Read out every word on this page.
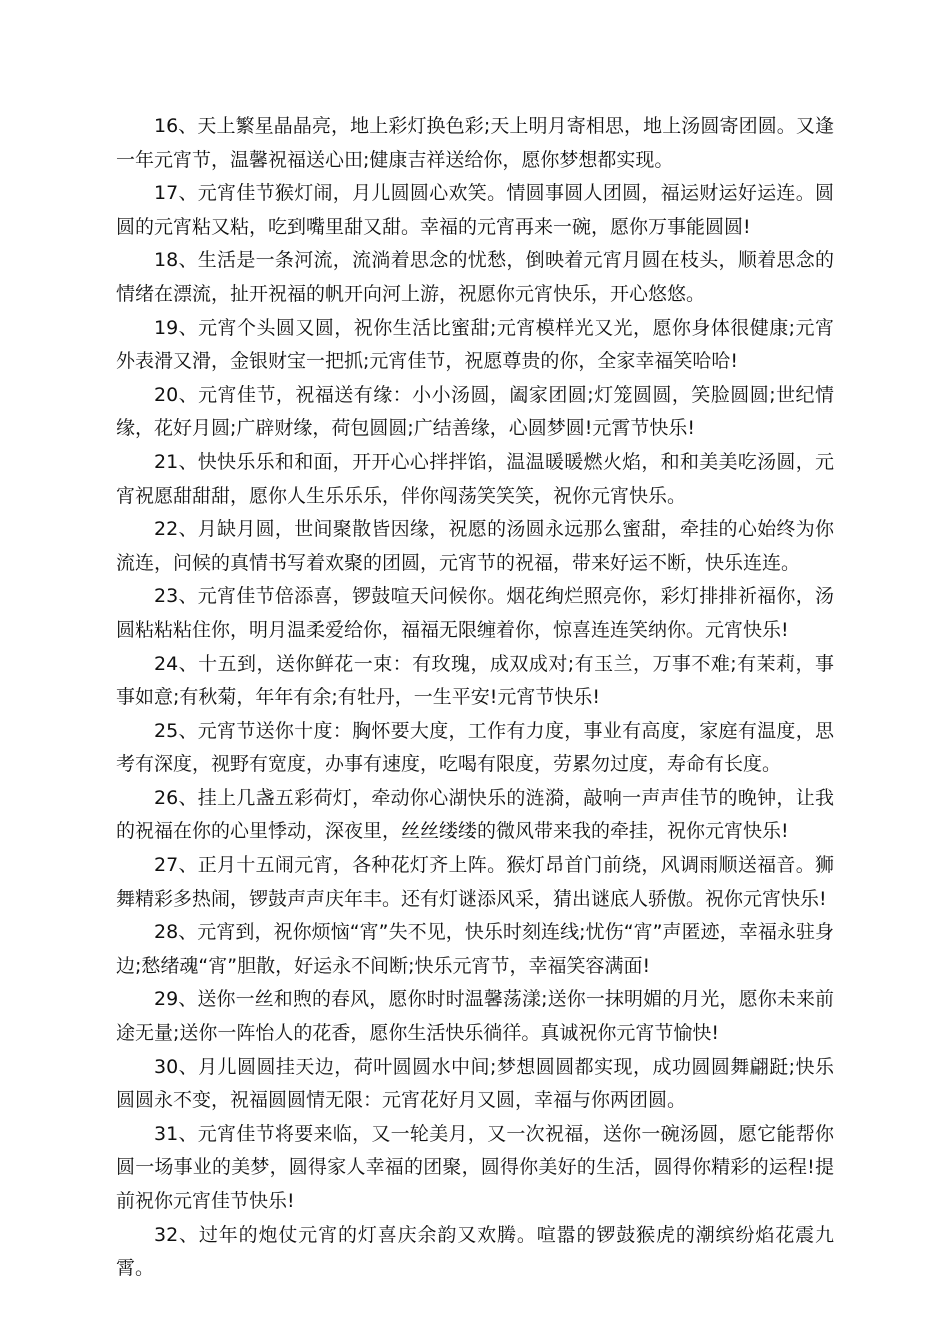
16、天上繁星晶晶亮，地上彩灯换色彩;天上明月寄相思，地上汤圆寄团圆。又逢一年元宵节，温馨祝福送心田;健康吉祥送给你，愿你梦想都实现。

17、元宵佳节猴灯闹，月儿圆圆心欢笑。情圆事圆人团圆，福运财运好运连。圆圆的元宵粘又粘，吃到嘴里甜又甜。幸福的元宵再来一碗，愿你万事能圆圆!

18、生活是一条河流，流淌着思念的忧愁，倒映着元宵月圆在枝头，顺着思念的情绪在漂流，扯开祝福的帆开向河上游，祝愿你元宵快乐，开心悠悠。

19、元宵个头圆又圆，祝你生活比蜜甜;元宵模样光又光，愿你身体很健康;元宵外表滑又滑，金银财宝一把抓;元宵佳节，祝愿尊贵的你，全家幸福笑哈哈!

20、元宵佳节，祝福送有缘：小小汤圆，阖家团圆;灯笼圆圆，笑脸圆圆;世纪情缘，花好月圆;广辟财缘，荷包圆圆;广结善缘，心圆梦圆!元霄节快乐!

21、快快乐乐和和面，开开心心拌拌馅，温温暖暖燃火焰，和和美美吃汤圆，元宵祝愿甜甜甜，愿你人生乐乐乐，伴你闯荡笑笑笑，祝你元宵快乐。

22、月缺月圆，世间聚散皆因缘，祝愿的汤圆永远那么蜜甜，牵挂的心始终为你流连，问候的真情书写着欢聚的团圆，元宵节的祝福，带来好运不断，快乐连连。

23、元宵佳节倍添喜，锣鼓喧天问候你。烟花绚烂照亮你，彩灯排排祈福你，汤圆粘粘粘住你，明月温柔爱给你，福福无限缠着你，惊喜连连笑纳你。元宵快乐!

24、十五到，送你鲜花一束：有玫瑰，成双成对;有玉兰，万事不难;有茉莉，事事如意;有秋菊，年年有余;有牡丹，一生平安!元宵节快乐!

25、元宵节送你十度：胸怀要大度，工作有力度，事业有高度，家庭有温度，思考有深度，视野有宽度，办事有速度，吃喝有限度，劳累勿过度，寿命有长度。

26、挂上几盏五彩荷灯，牵动你心湖快乐的涟漪，敲响一声声佳节的晚钟，让我的祝福在你的心里悸动，深夜里，丝丝缕缕的微风带来我的牵挂，祝你元宵快乐!

27、正月十五闹元宵，各种花灯齐上阵。猴灯昂首门前绕，风调雨顺送福音。狮舞精彩多热闹，锣鼓声声庆年丰。还有灯谜添风采，猜出谜底人骄傲。祝你元宵快乐!

28、元宵到，祝你烦恼“宵”失不见，快乐时刻连线;忧伤“宵”声匿迹，幸福永驻身边;愁绪魂“宵”胆散，好运永不间断;快乐元宵节，幸福笑容满面!

29、送你一丝和煦的春风，愿你时时温馨荡漾;送你一抹明媚的月光，愿你未来前途无量;送你一阵怡人的花香，愿你生活快乐徜徉。真诚祝你元宵节愉快!

30、月儿圆圆挂天边，荷叶圆圆水中间;梦想圆圆都实现，成功圆圆舞翩跹;快乐圆圆永不变，祝福圆圆情无限：元宵花好月又圆，幸福与你两团圆。

31、元宵佳节将要来临，又一轮美月，又一次祝福，送你一碗汤圆，愿它能帮你圆一场事业的美梦，圆得家人幸福的团聚，圆得你美好的生活，圆得你精彩的运程!提前祝你元宵佳节快乐!

32、过年的炮仗元宵的灯喜庆余韵又欢腾。喧嚣的锣鼓猴虎的潮缤纷焰花震九霄。
